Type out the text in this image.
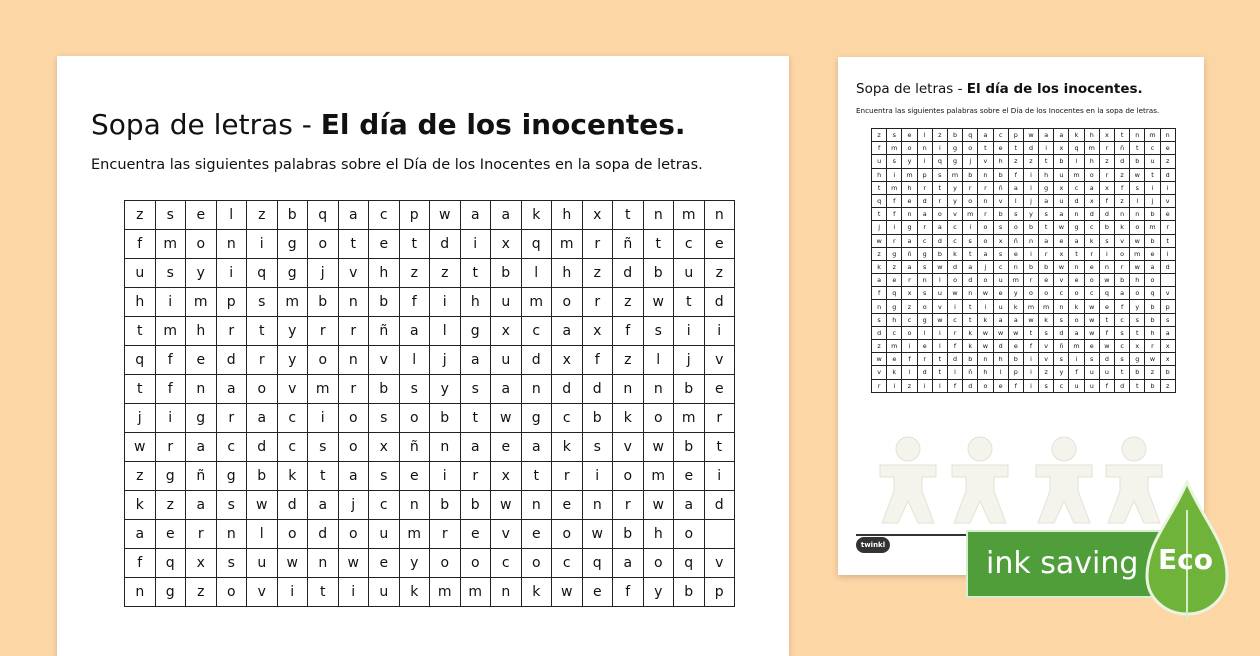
Sopa de letras - El día de los inocentes.
Encuentra las siguientes palabras sobre el Día de los Inocentes en la sopa de letras.
z	s	e	l	z	b	q	a	c	p	w	a	a	k	h	x	t	n	m	n
f	m	o	n	i	g	o	t	e	t	d	i	x	q	m	r	ñ	t	c	e
u	s	y	i	q	g	j	v	h	z	z	t	b	l	h	z	d	b	u	z
h	i	m	p	s	m	b	n	b	f	i	h	u	m	o	r	z	w	t	d
t	m	h	r	t	y	r	r	ñ	a	l	g	x	c	a	x	f	s	i	i
q	f	e	d	r	y	o	n	v	l	j	a	u	d	x	f	z	l	j	v
t	f	n	a	o	v	m	r	b	s	y	s	a	n	d	d	n	n	b	e
j	i	g	r	a	c	i	o	s	o	b	t	w	g	c	b	k	o	m	r
w	r	a	c	d	c	s	o	x	ñ	n	a	e	a	k	s	v	w	b	t
z	g	ñ	g	b	k	t	a	s	e	i	r	x	t	r	i	o	m	e	i
k	z	a	s	w	d	a	j	c	n	b	b	w	n	e	n	r	w	a	d
a	e	r	n	l	o	d	o	u	m	r	e	v	e	o	w	b	h	o	
f	q	x	s	u	w	n	w	e	y	o	o	c	o	c	q	a	o	q	v
n	g	z	o	v	i	t	i	u	k	m	m	n	k	w	e	f	y	b	p
Sopa de letras - El día de los inocentes.
Encuentra las siguientes palabras sobre el Día de los Inocentes en la sopa de letras.
z	s	e	l	z	b	q	a	c	p	w	a	a	k	h	x	t	n	m	n
f	m	o	n	i	g	o	t	e	t	d	i	x	q	m	r	ñ	t	c	e
u	s	y	i	q	g	j	v	h	z	z	t	b	l	h	z	d	b	u	z
h	i	m	p	s	m	b	n	b	f	i	h	u	m	o	r	z	w	t	d
t	m	h	r	t	y	r	r	ñ	a	l	g	x	c	a	x	f	s	i	i
q	f	e	d	r	y	o	n	v	l	j	a	u	d	x	f	z	l	j	v
t	f	n	a	o	v	m	r	b	s	y	s	a	n	d	d	n	n	b	e
j	i	g	r	a	c	i	o	s	o	b	t	w	g	c	b	k	o	m	r
w	r	a	c	d	c	s	o	x	ñ	n	a	e	a	k	s	v	w	b	t
z	g	ñ	g	b	k	t	a	s	e	i	r	x	t	r	i	o	m	e	i
k	z	a	s	w	d	a	j	c	n	b	b	w	n	e	n	r	w	a	d
a	e	r	n	l	o	d	o	u	m	r	e	v	e	o	w	b	h	o	
f	q	x	s	u	w	n	w	e	y	o	o	c	o	c	q	a	o	q	v
n	g	z	o	v	i	t	i	u	k	m	m	n	k	w	e	f	y	b	p
s	h	c	g	w	c	t	k	a	a	w	k	s	o	w	t	c	s	b	s
d	c	o	l	i	r	k	w	w	w	t	s	d	a	w	f	s	t	h	a
z	m	i	e	l	f	k	w	d	e	f	v	ñ	m	e	w	c	x	r	x
w	e	f	r	t	d	b	n	h	b	i	v	s	i	s	d	s	g	w	x
v	k	l	d	t	l	ñ	h	l	p	i	z	y	f	u	u	t	b	z	b
r	i	z	i	l	f	d	o	e	f	i	s	c	u	u	f	d	t	b	z
twinkl
ink saving Eco
